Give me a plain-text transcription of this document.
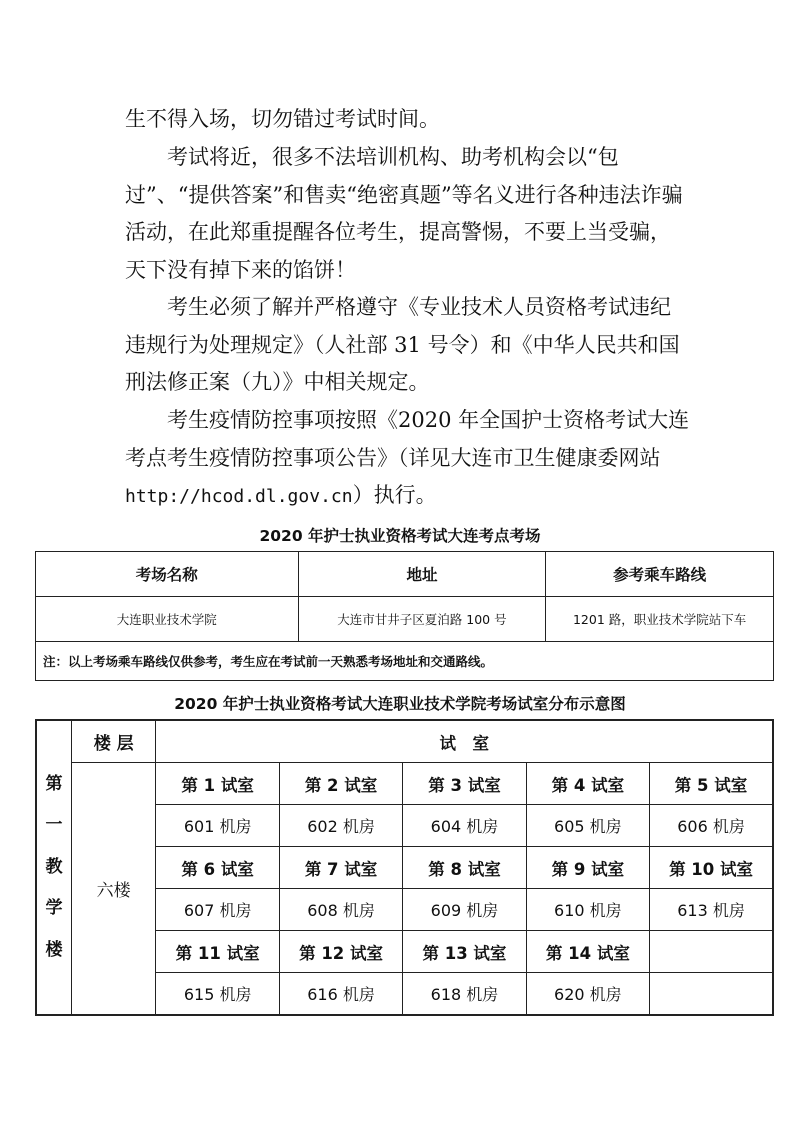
生不得入场，切勿错过考试时间。

考试将近，很多不法培训机构、助考机构会以“包过”、“提供答案”和售卖“绝密真题”等名义进行各种违法诈骗活动，在此郑重提醒各位考生，提高警惕，不要上当受骗，天下没有掉下来的馅饼！

考生必须了解并严格遵守《专业技术人员资格考试违纪违规行为处理规定》（人社部 31 号令）和《中华人民共和国刑法修正案（九）》中相关规定。

考生疫情防控事项按照《2020 年全国护士资格考试大连考点考生疫情防控事项公告》（详见大连市卫生健康委网站http://hcod.dl.gov.cn）执行。

2020 年护士执业资格考试大连考点考场
考场名称	地址	参考乘车路线
大连职业技术学院	大连市甘井子区夏泊路 100 号	1201 路，职业技术学院站下车
注：以上考场乘车路线仅供参考，考生应在考试前一天熟悉考场地址和交通路线。		
2020 年护士执业资格考试大连职业技术学院考场试室分布示意图
第
一
教
学
楼	楼 层	试　室				
	六楼	第 1 试室	第 2 试室	第 3 试室	第 4 试室	第 5 试室
		601 机房	602 机房	604 机房	605 机房	606 机房
		第 6 试室	第 7 试室	第 8 试室	第 9 试室	第 10 试室
		607 机房	608 机房	609 机房	610 机房	613 机房
		第 11 试室	第 12 试室	第 13 试室	第 14 试室	
		615 机房	616 机房	618 机房	620 机房	
